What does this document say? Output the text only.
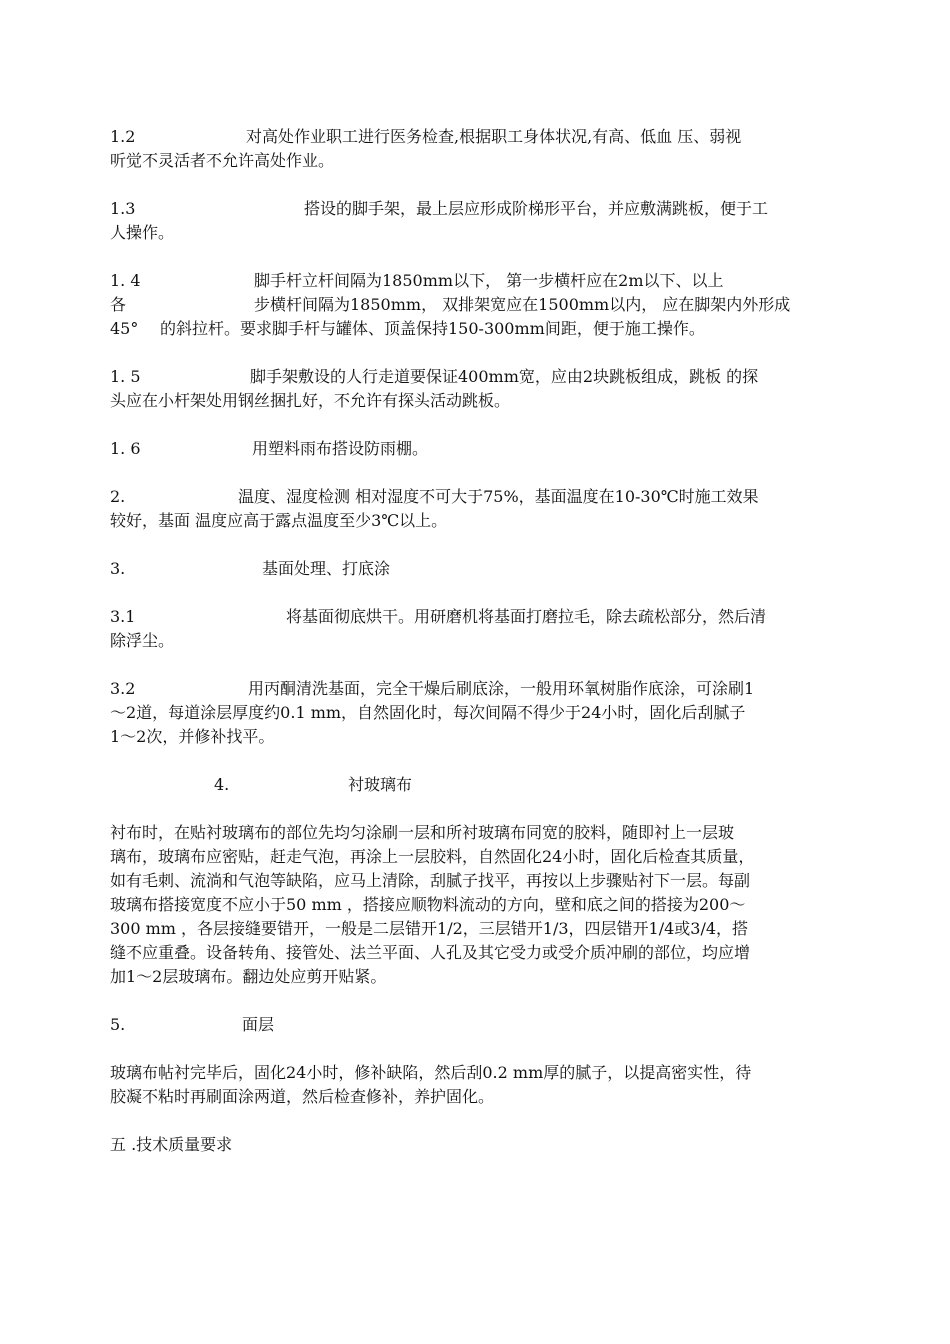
1.2	对高处作业职工进行医务检查,根据职工身体状况,有高、低血 压、弱视
听觉不灵活者不允许高处作业。
1.3	搭设的脚手架，最上层应形成阶梯形平台，并应敷满跳板，便于工
人操作。
1. 4	脚手杆立杆间隔为1850mm以下， 第一步横杆应在2m以下、以上
各	步横杆间隔为1850mm， 双排架宽应在1500mm以内， 应在脚架内外形成
45° 的斜拉杆。要求脚手杆与罐体、顶盖保持150-300mm间距，便于施工操作。
1. 5	脚手架敷设的人行走道要保证400mm宽，应由2块跳板组成，跳板 的探
头应在小杆架处用钢丝捆扎好，不允许有探头活动跳板。
1. 6	用塑料雨布搭设防雨棚。
2.	温度、湿度检测 相对湿度不可大于75%，基面温度在10-30℃时施工效果
较好，基面 温度应高于露点温度至少3℃以上。
3.	基面处理、打底涂
3.1	将基面彻底烘干。用研磨机将基面打磨拉毛，除去疏松部分，然后清
除浮尘。
3.2	用丙酮清洗基面，完全干燥后刷底涂，一般用环氧树脂作底涂，可涂刷1
～2道，每道涂层厚度约0.1 mm，自然固化时，每次间隔不得少于24小时，固化后刮腻子
1～2次，并修补找平。
4.	衬玻璃布
衬布时，在贴衬玻璃布的部位先均匀涂刷一层和所衬玻璃布同宽的胶料，随即衬上一层玻
璃布，玻璃布应密贴，赶走气泡，再涂上一层胶料，自然固化24小时，固化后检查其质量，
如有毛刺、流淌和气泡等缺陷，应马上清除，刮腻子找平，再按以上步骤贴衬下一层。每副
玻璃布搭接宽度不应小于50 mm ，搭接应顺物料流动的方向，壁和底之间的搭接为200～
300 mm ，各层接缝要错开，一般是二层错开1/2，三层错开1/3，四层错开1/4或3/4，搭
缝不应重叠。设备转角、接管处、法兰平面、人孔及其它受力或受介质冲刷的部位，均应增
加1～2层玻璃布。翻边处应剪开贴紧。
5.	面层
玻璃布帖衬完毕后，固化24小时，修补缺陷，然后刮0.2 mm厚的腻子，以提高密实性，待
胶凝不粘时再刷面涂两道，然后检查修补，养护固化。
五 .技术质量要求
